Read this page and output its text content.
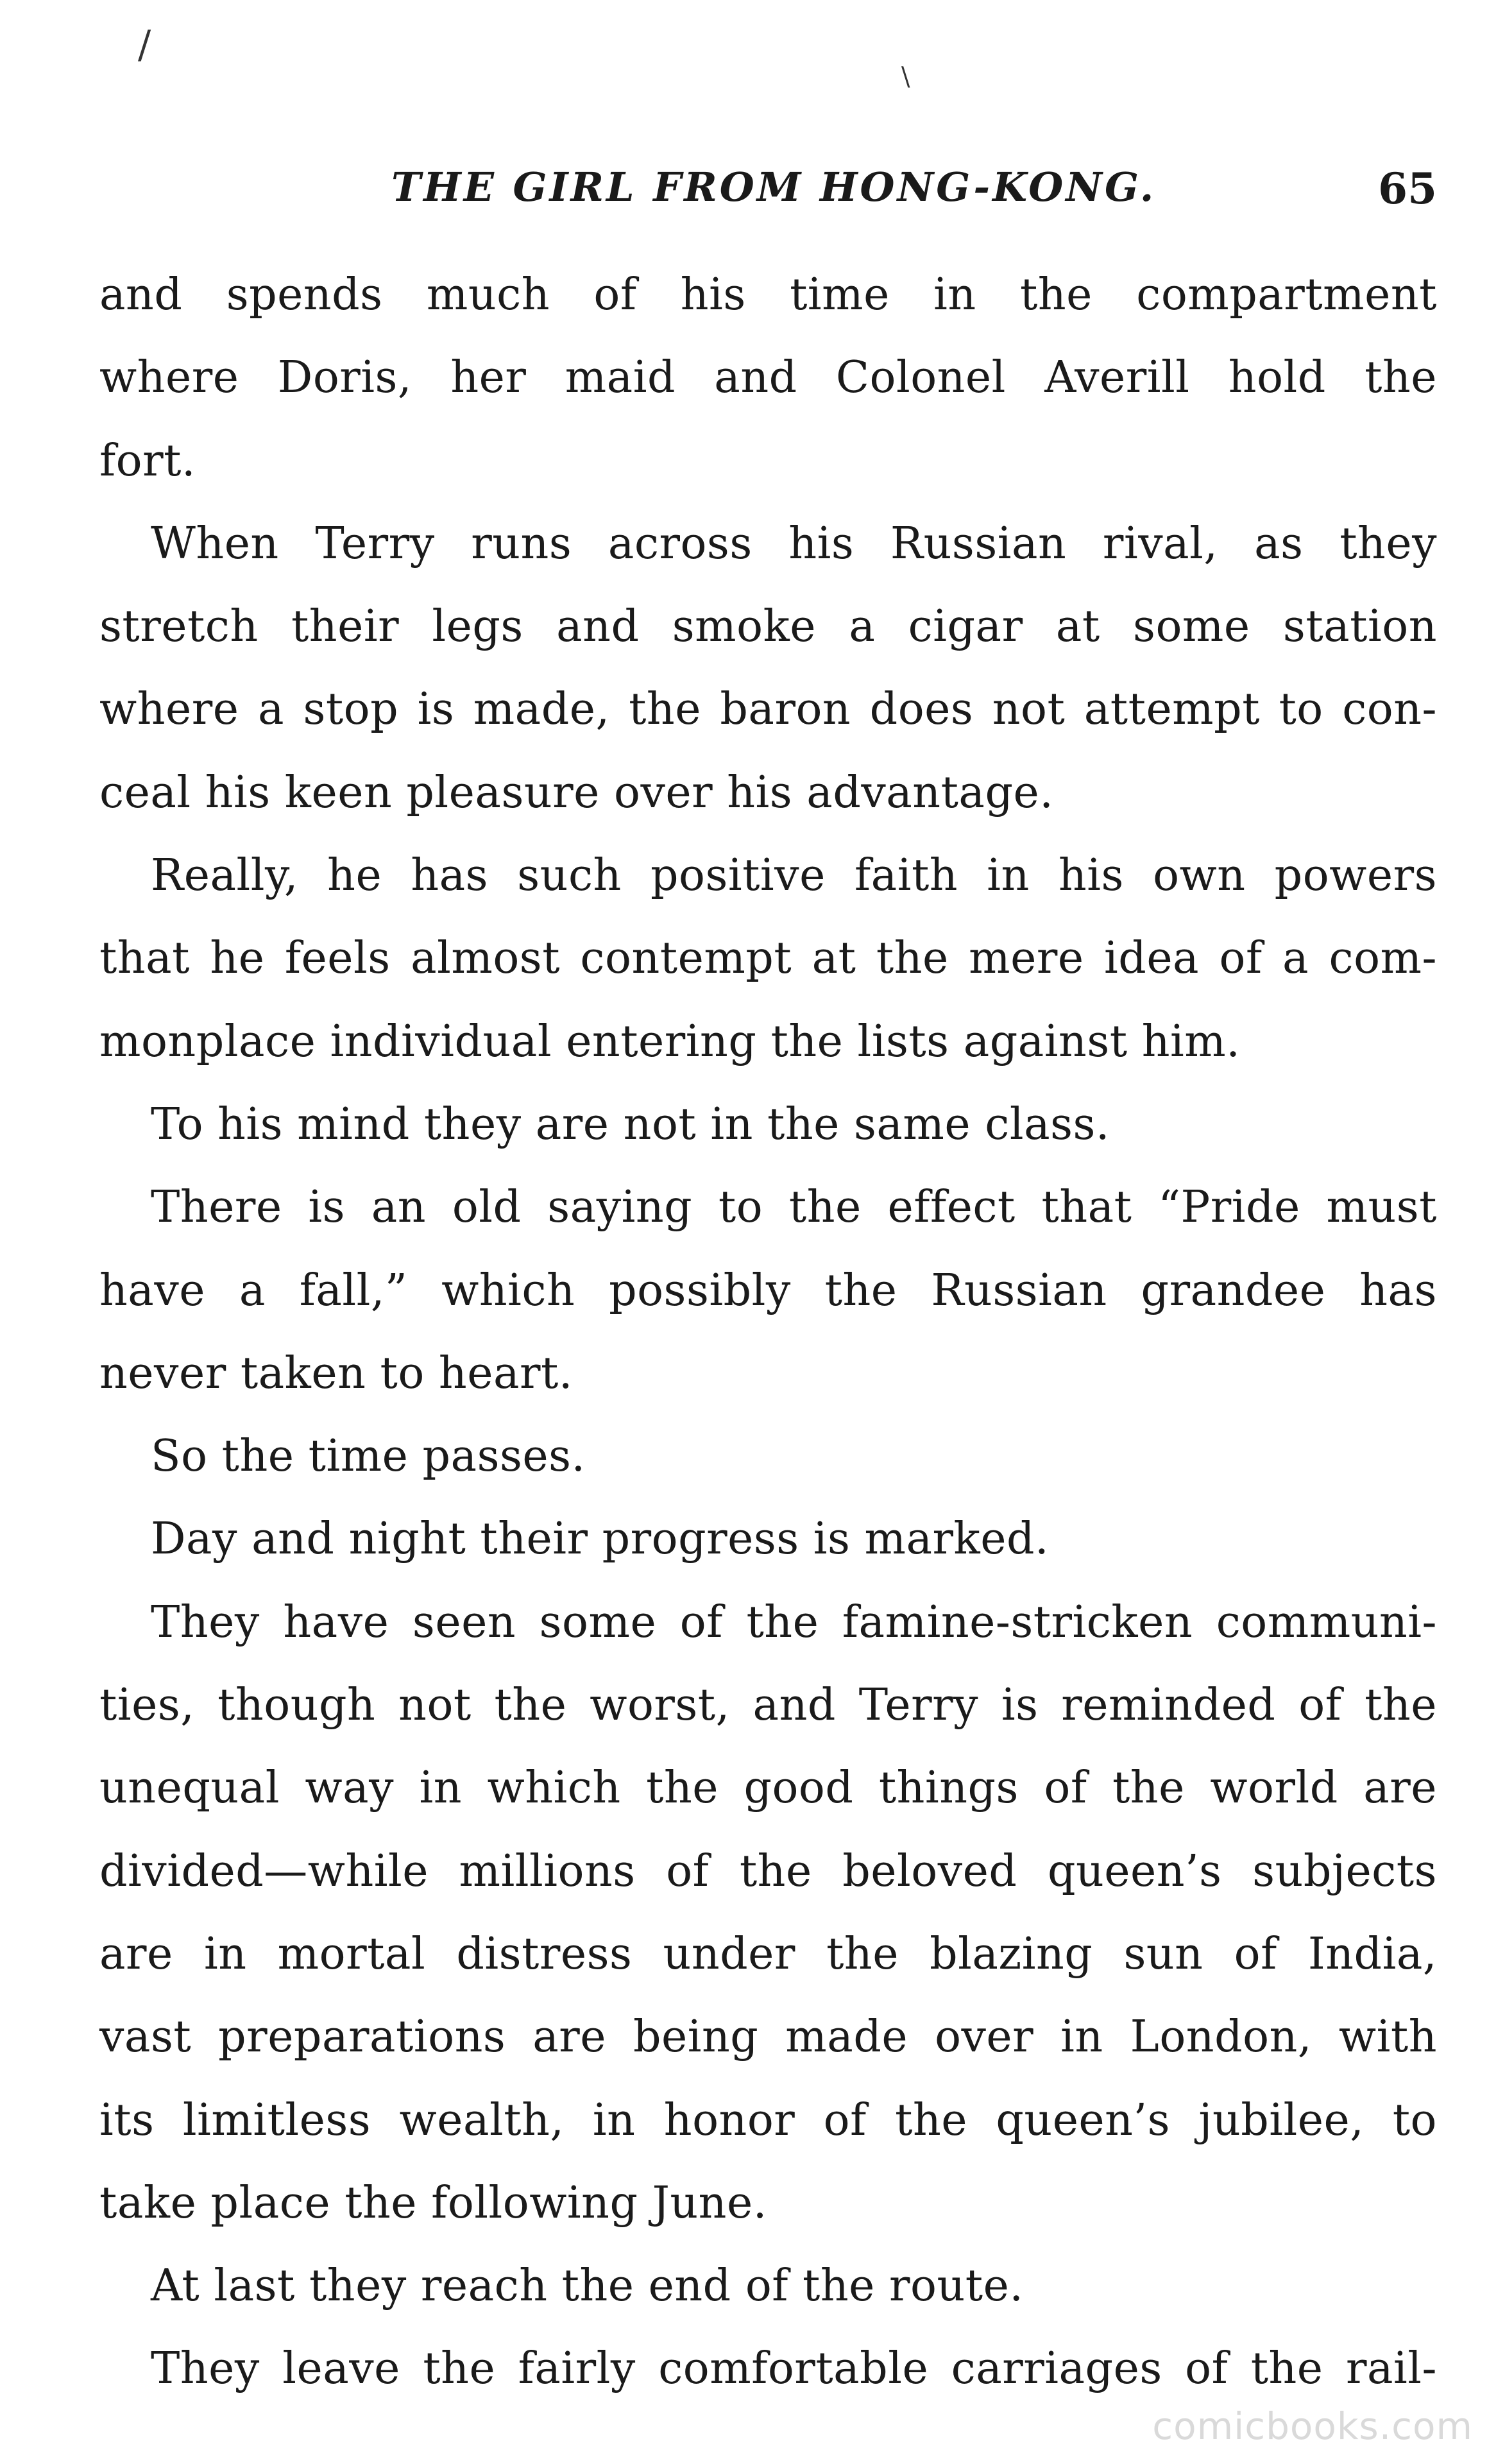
/
\
THE GIRL FROM HONG-KONG.	65
and spends much of his time in the compartment
where Doris, her maid and Colonel Averill hold the
fort.
When Terry runs across his Russian rival, as they
stretch their legs and smoke a cigar at some station
where a stop is made, the baron does not attempt to con-
ceal his keen pleasure over his advantage.
Really, he has such positive faith in his own powers
that he feels almost contempt at the mere idea of a com-
monplace individual entering the lists against him.
To his mind they are not in the same class.
There is an old saying to the effect that “Pride must
have a fall,” which possibly the Russian grandee has
never taken to heart.
So the time passes.
Day and night their progress is marked.
They have seen some of the famine-stricken communi-
ties, though not the worst, and Terry is reminded of the
unequal way in which the good things of the world are
divided—while millions of the beloved queen’s subjects
are in mortal distress under the blazing sun of India,
vast preparations are being made over in London, with
its limitless wealth, in honor of the queen’s jubilee, to
take place the following June.
At last they reach the end of the route.
They leave the fairly comfortable carriages of the rail-
comicbooks.com
